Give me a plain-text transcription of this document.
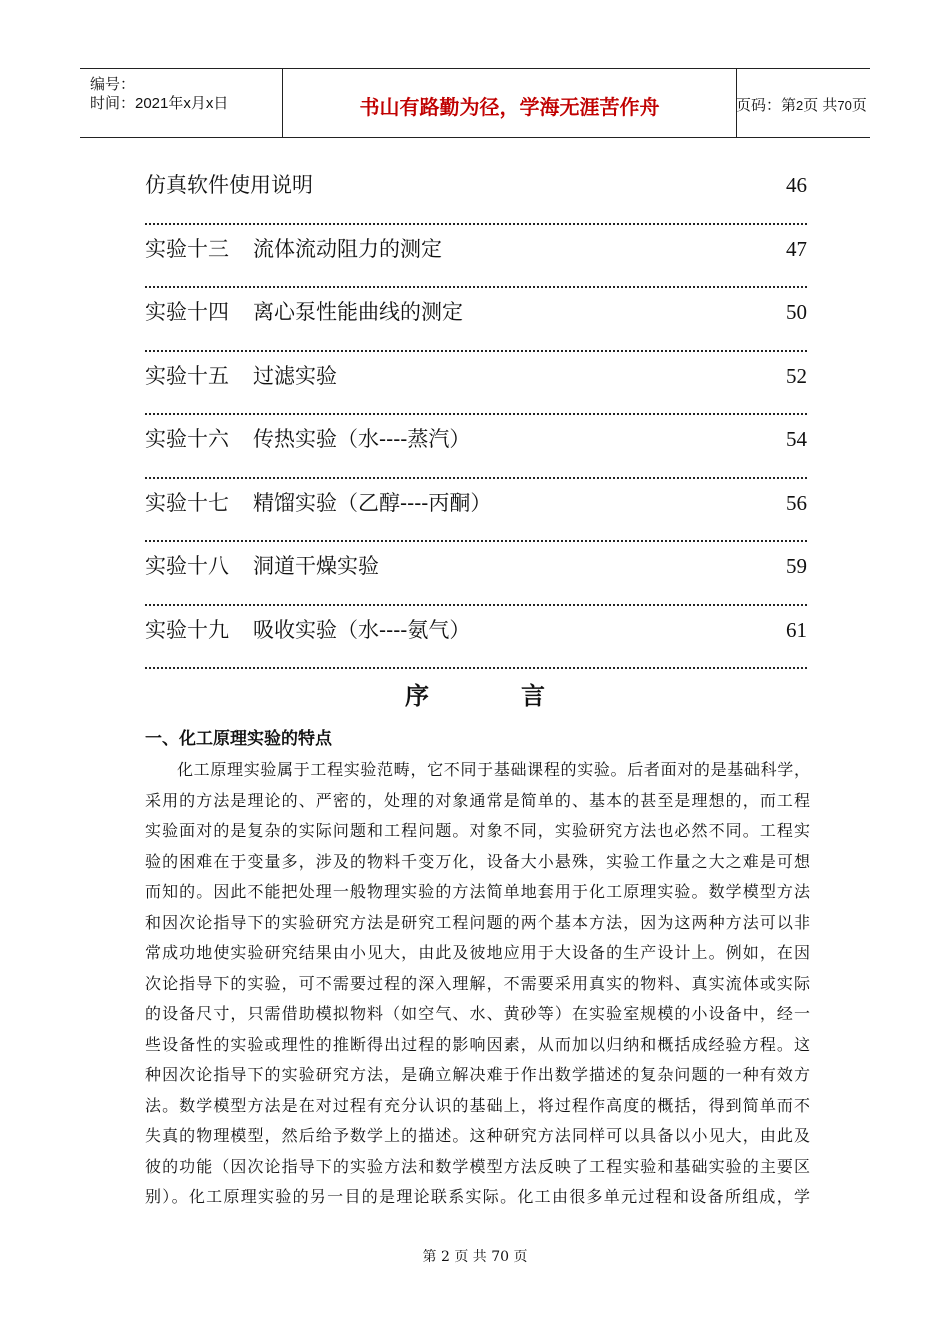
编号：
时间：2021年x月x日	书山有路勤为径，学海无涯苦作舟	页码：第2页 共70页
仿真软件使用说明	46
实验十三 流体流动阻力的测定	47
实验十四 离心泵性能曲线的测定	50
实验十五 过滤实验	52
实验十六 传热实验（水----蒸汽）	54
实验十七 精馏实验（乙醇----丙酮）	56
实验十八 洞道干燥实验	59
实验十九 吸收实验（水----氨气）	61
序言
一、化工原理实验的特点
化工原理实验属于工程实验范畴，它不同于基础课程的实验。后者面对的是基础科学，
采用的方法是理论的、严密的，处理的对象通常是简单的、基本的甚至是理想的，而工程
实验面对的是复杂的实际问题和工程问题。对象不同，实验研究方法也必然不同。工程实
验的困难在于变量多，涉及的物料千变万化，设备大小悬殊，实验工作量之大之难是可想
而知的。因此不能把处理一般物理实验的方法简单地套用于化工原理实验。数学模型方法
和因次论指导下的实验研究方法是研究工程问题的两个基本方法，因为这两种方法可以非
常成功地使实验研究结果由小见大，由此及彼地应用于大设备的生产设计上。例如，在因
次论指导下的实验，可不需要过程的深入理解，不需要采用真实的物料、真实流体或实际
的设备尺寸，只需借助模拟物料（如空气、水、黄砂等）在实验室规模的小设备中，经一
些设备性的实验或理性的推断得出过程的影响因素，从而加以归纳和概括成经验方程。这
种因次论指导下的实验研究方法，是确立解决难于作出数学描述的复杂问题的一种有效方
法。数学模型方法是在对过程有充分认识的基础上，将过程作高度的概括，得到简单而不
失真的物理模型，然后给予数学上的描述。这种研究方法同样可以具备以小见大，由此及
彼的功能（因次论指导下的实验方法和数学模型方法反映了工程实验和基础实验的主要区
别）。化工原理实验的另一目的是理论联系实际。化工由很多单元过程和设备所组成，学
第 2 页 共 70 页
